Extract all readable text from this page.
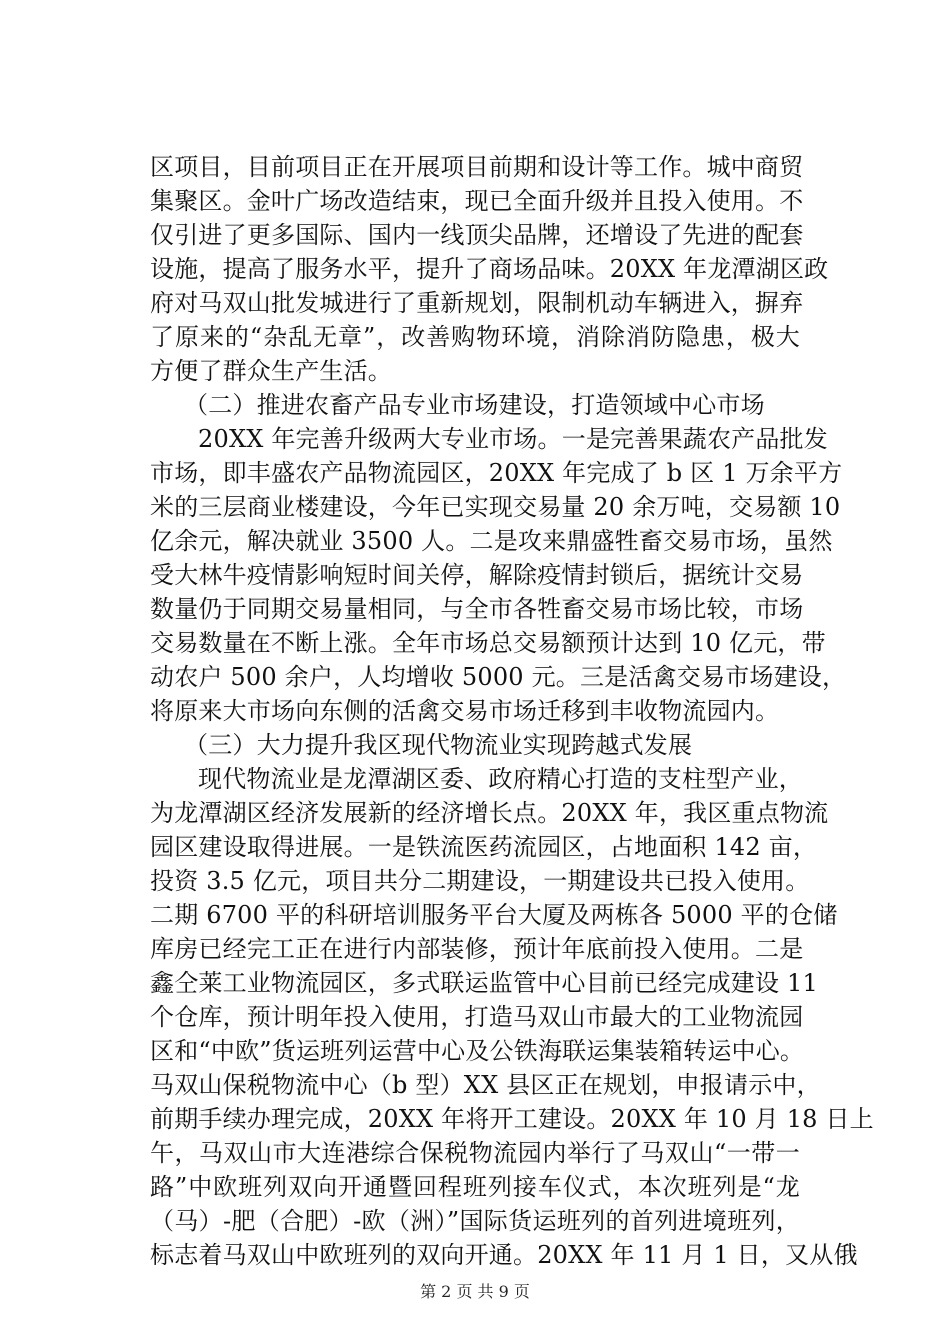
区项目，目前项目正在开展项目前期和设计等工作。城中商贸
集聚区。金叶广场改造结束，现已全面升级并且投入使用。不
仅引进了更多国际、国内一线顶尖品牌，还增设了先进的配套
设施，提高了服务水平，提升了商场品味。20XX 年龙潭湖区政
府对马双山批发城进行了重新规划，限制机动车辆进入，摒弃
了原来的“杂乱无章”，改善购物环境，消除消防隐患，极大
方便了群众生产生活。
（二）推进农畜产品专业市场建设，打造领域中心市场
20XX 年完善升级两大专业市场。一是完善果蔬农产品批发
市场，即丰盛农产品物流园区，20XX 年完成了 b 区 1 万余平方
米的三层商业楼建设，今年已实现交易量 20 余万吨，交易额 10
亿余元，解决就业 3500 人。二是攻来鼎盛牲畜交易市场，虽然
受大林牛疫情影响短时间关停，解除疫情封锁后，据统计交易
数量仍于同期交易量相同，与全市各牲畜交易市场比较，市场
交易数量在不断上涨。全年市场总交易额预计达到 10 亿元，带
动农户 500 余户，人均增收 5000 元。三是活禽交易市场建设，
将原来大市场向东侧的活禽交易市场迁移到丰收物流园内。
（三）大力提升我区现代物流业实现跨越式发展
现代物流业是龙潭湖区委、政府精心打造的支柱型产业，
为龙潭湖区经济发展新的经济增长点。20XX 年，我区重点物流
园区建设取得进展。一是铁流医药流园区，占地面积 142 亩，
投资 3.5 亿元，项目共分二期建设，一期建设共已投入使用。
二期 6700 平的科研培训服务平台大厦及两栋各 5000 平的仓储
库房已经完工正在进行内部装修，预计年底前投入使用。二是
鑫仝莱工业物流园区，多式联运监管中心目前已经完成建设 11
个仓库，预计明年投入使用，打造马双山市最大的工业物流园
区和“中欧”货运班列运营中心及公铁海联运集装箱转运中心。
马双山保税物流中心（b 型）XX 县区正在规划，申报请示中，
前期手续办理完成，20XX 年将开工建设。20XX 年 10 月 18 日上
午，马双山市大连港综合保税物流园内举行了马双山“一带一
路”中欧班列双向开通暨回程班列接车仪式，本次班列是“龙
（马）-肥（合肥）-欧（洲）”国际货运班列的首列进境班列，
标志着马双山中欧班列的双向开通。20XX 年 11 月 1 日，又从俄
第 2 页 共 9 页
